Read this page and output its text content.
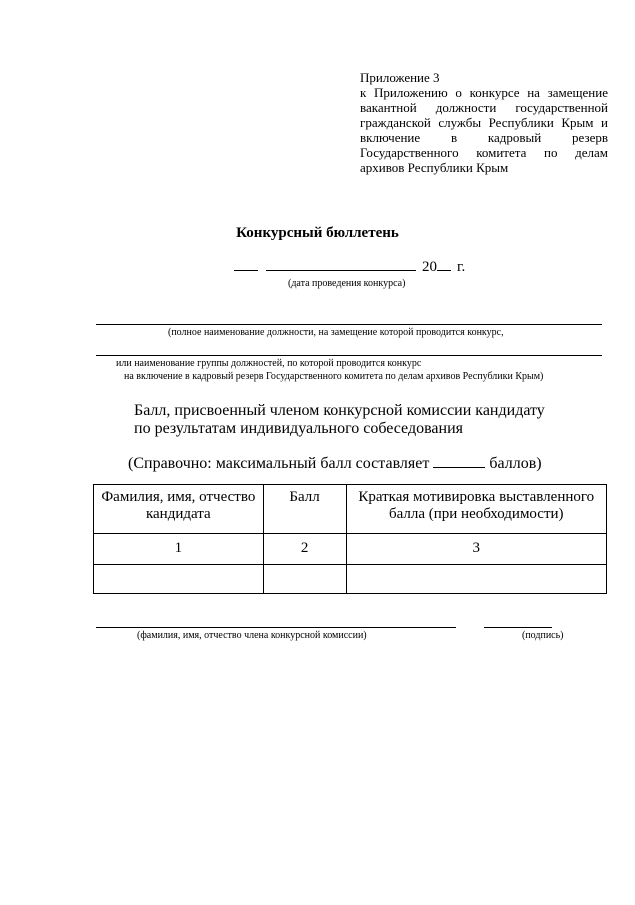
Приложение 3
к Приложению о конкурсе на замещение
вакантной должности государственной
гражданской службы Республики Крым и
включение в кадровый резерв
Государственного комитета по делам
архивов Республики Крым
Конкурсный бюллетень
20 г.
(дата проведения конкурса)
(полное наименование должности, на замещение которой проводится конкурс,
или наименование группы должностей, по которой проводится конкурс
на включение в кадровый резерв Государственного комитета по делам архивов Республики Крым)
Балл, присвоенный членом конкурсной комиссии кандидату
по результатам индивидуального собеседования
(Справочно: максимальный балл составляет	баллов)
Фамилия, имя, отчество кандидата	Балл	Краткая мотивировка выставленного балла (при необходимости)
1	2	3

(фамилия, имя, отчество члена конкурсной комиссии)	(подпись)
